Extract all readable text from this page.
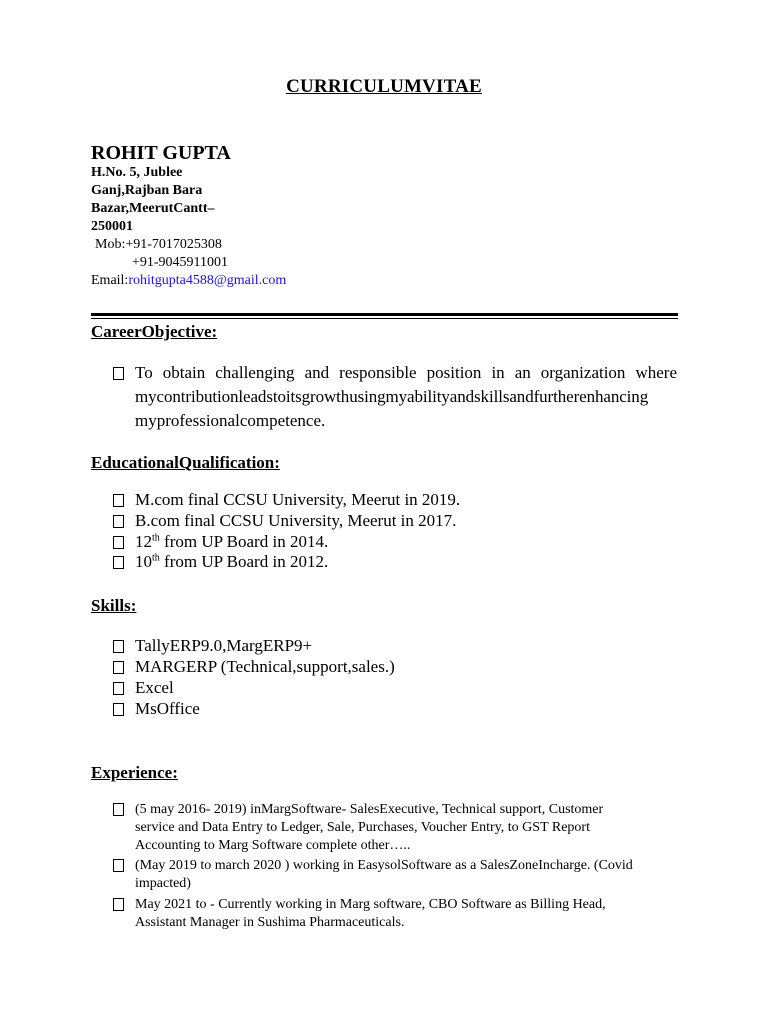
CURRICULUMVITAE
ROHIT GUPTA
H.No. 5, Jublee
Ganj,Rajban Bara
Bazar,MeerutCantt–
250001
Mob:+91-7017025308
+91-9045911001
Email:rohitgupta4588@gmail.com
CareerObjective:
To obtain challenging and responsible position in an organization where
mycontributionleadstoitsgrowthusingmyabilityandskillsandfurtherenhancing
myprofessionalcompetence.
EducationalQualification:
M.com final CCSU University, Meerut in 2019.
B.com final CCSU University, Meerut in 2017.
12th from UP Board in 2014.
10th from UP Board in 2012.
Skills:
TallyERP9.0,MargERP9+
MARGERP (Technical,support,sales.)
Excel
MsOffice
Experience:
(5 may 2016- 2019) inMargSoftware- SalesExecutive, Technical support, Customer
service and Data Entry to Ledger, Sale, Purchases, Voucher Entry, to GST Report
Accounting to Marg Software complete other…..
(May 2019 to march 2020 ) working in EasysolSoftware as a SalesZoneIncharge. (Covid
impacted)
May 2021 to - Currently working in Marg software, CBO Software as Billing Head,
Assistant Manager in Sushima Pharmaceuticals.
